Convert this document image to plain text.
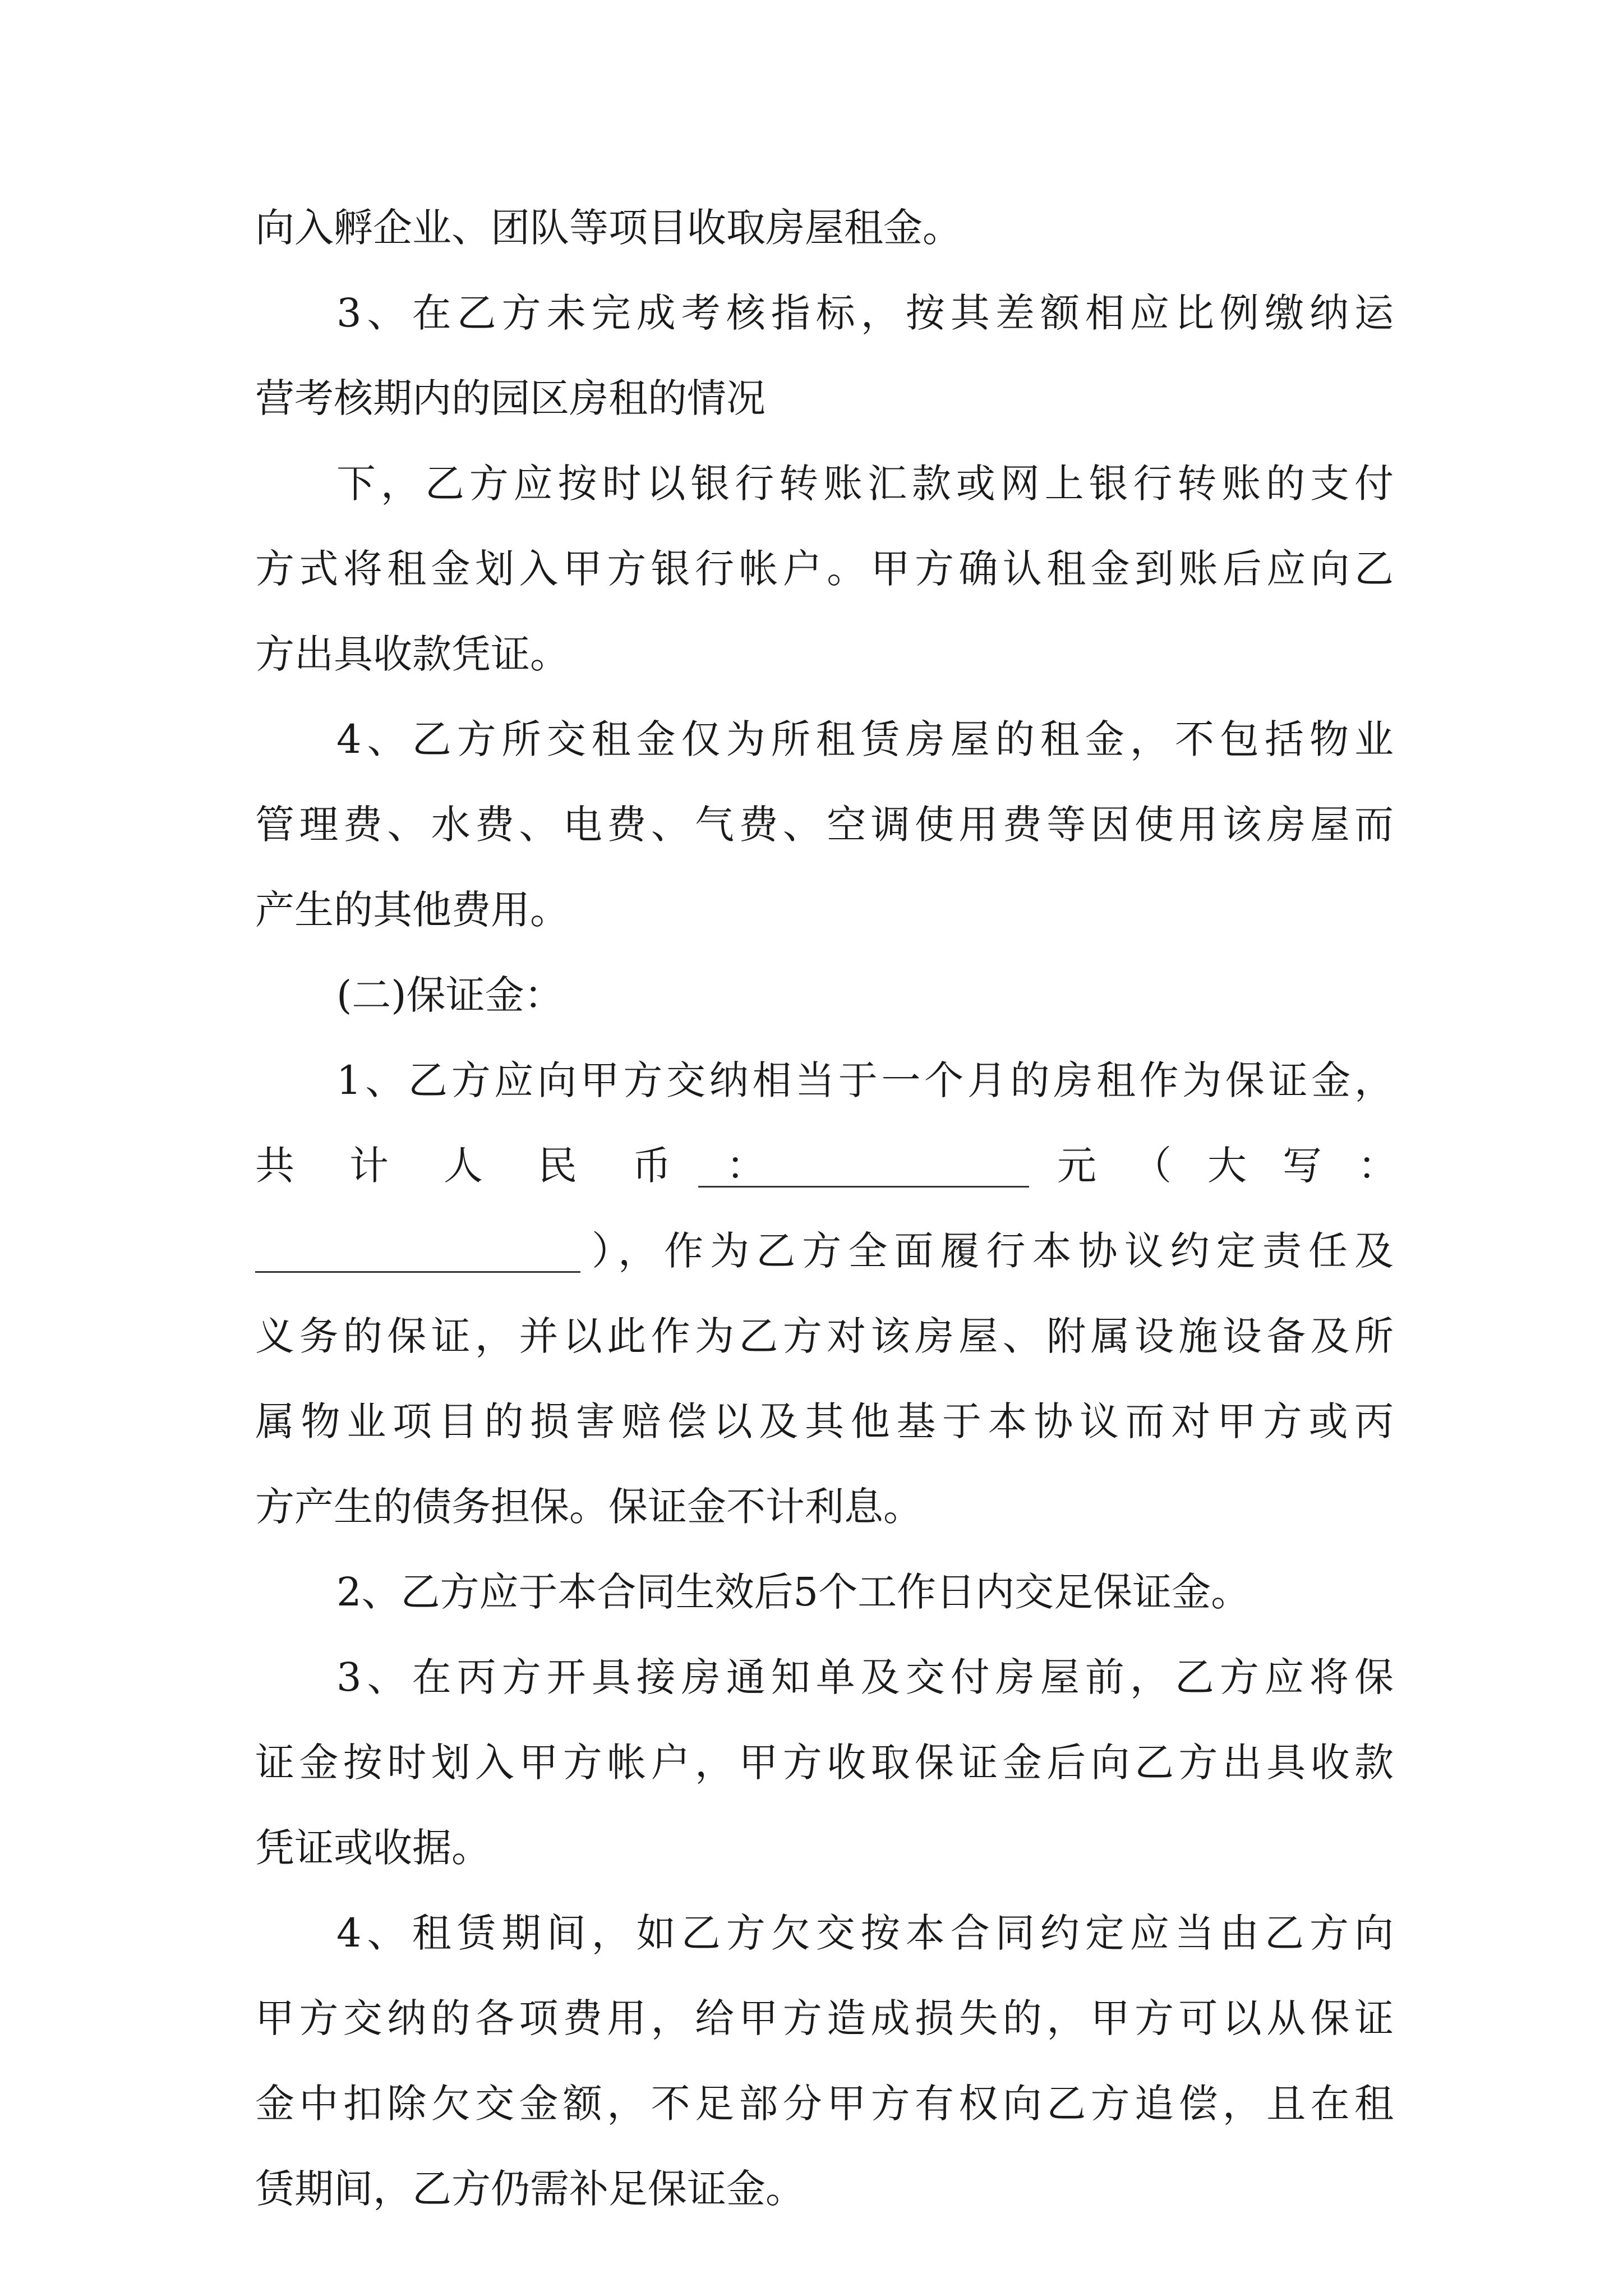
向入孵企业、团队等项目收取房屋租金。
3、在乙方未完成考核指标，按其差额相应比例缴纳运
营考核期内的园区房租的情况
下，乙方应按时以银行转账汇款或网上银行转账的支付
方式将租金划入甲方银行帐户。甲方确认租金到账后应向乙
方出具收款凭证。
4、乙方所交租金仅为所租赁房屋的租金，不包括物业
管理费、水费、电费、气费、空调使用费等因使用该房屋而
产生的其他费用。
(二)保证金：
1、乙方应向甲方交纳相当于一个月的房租作为保证金，
共计人民币：	元（大写：
），作为乙方全面履行本协议约定责任及
义务的保证，并以此作为乙方对该房屋、附属设施设备及所
属物业项目的损害赔偿以及其他基于本协议而对甲方或丙
方产生的债务担保。保证金不计利息。
2、乙方应于本合同生效后5个工作日内交足保证金。
3、在丙方开具接房通知单及交付房屋前，乙方应将保
证金按时划入甲方帐户，甲方收取保证金后向乙方出具收款
凭证或收据。
4、租赁期间，如乙方欠交按本合同约定应当由乙方向
甲方交纳的各项费用，给甲方造成损失的，甲方可以从保证
金中扣除欠交金额，不足部分甲方有权向乙方追偿，且在租
赁期间，乙方仍需补足保证金。
